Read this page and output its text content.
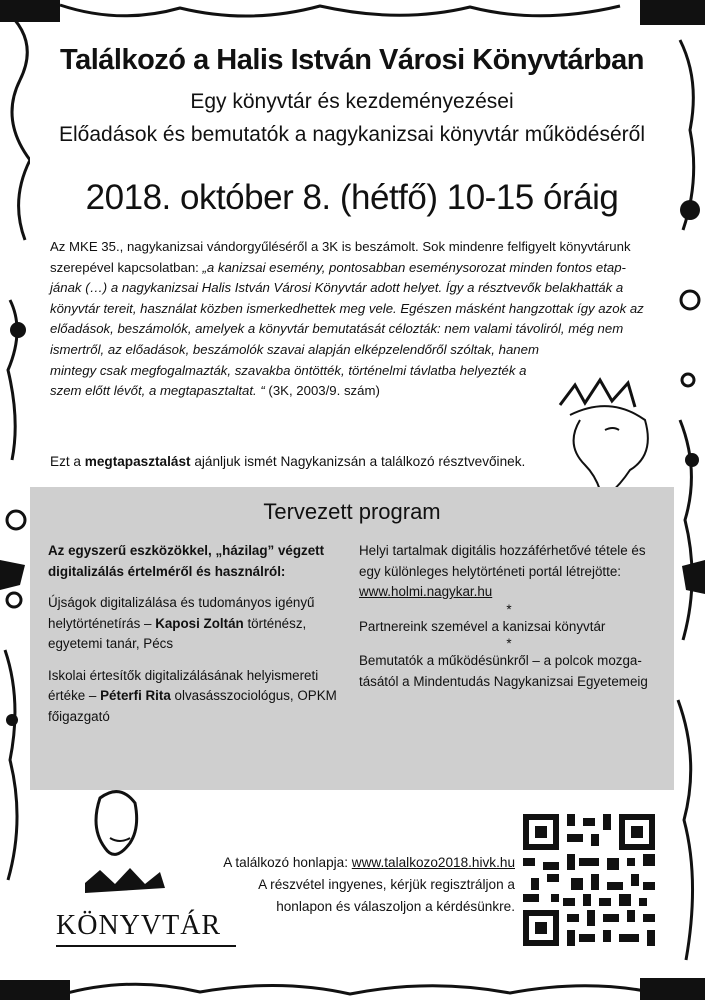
Találkozó a Halis István Városi Könyvtárban
Egy könyvtár és kezdeményezései
Előadások és bemutatók a nagykanizsai könyvtár működéséről
2018. október 8. (hétfő) 10-15 óráig

Az MKE 35., nagykanizsai vándorgyűléséről a 3K is beszámolt. Sok mindenre felfigyelt könyvtárunk

szerepével kapcsolatban: „a kanizsai esemény, pontosabban eseménysorozat minden fontos etap-

jának (…) a nagykanizsai Halis István Városi Könyvtár adott helyet. Így a résztvevők belakhatták a

könyvtár tereit, használat közben ismerkedhettek meg vele. Egészen másként hangzottak így azok az

előadások, beszámolók, amelyek a könyvtár bemutatását célozták: nem valami távoliról, még nem

ismertről, az előadások, beszámolók szavai alapján elképzelendőről szóltak, hanem

mintegy csak megfogalmazták, szavakba öntötték, történelmi távlatba helyezték a

szem előtt lévőt, a megtapasztaltat. “ (3K, 2003/9. szám)

Ezt a megtapasztalást ajánljuk ismét Nagykanizsán a találkozó résztvevőinek.
Tervezett program

Az egyszerű eszközökkel, „házilag” végzett digitalizálás értelméről és használról:

Újságok digitalizálása és tudományos igényű helytörténetírás – Kaposi Zoltán történész, egyetemi tanár, Pécs

Iskolai értesítők digitalizálásának helyismereti értéke – Péterfi Rita olvasásszociológus, OPKM főigazgató

Helyi tartalmak digitális hozzáférhetővé tétele és egy különleges helytörténeti portál létrejötte:
www.holmi.nagykar.hu

*

Partnereink szemével a kanizsai könyvtár

*

Bemutatók a működésünkről – a polcok mozga-tásától a Mindentudás Nagykanizsai Egyetemeig

A találkozó honlapja: www.talalkozo2018.hivk.hu
A részvétel ingyenes, kérjük regisztráljon a
honlapon és válaszoljon a kérdésünkre.
KÖNYVTÁR
